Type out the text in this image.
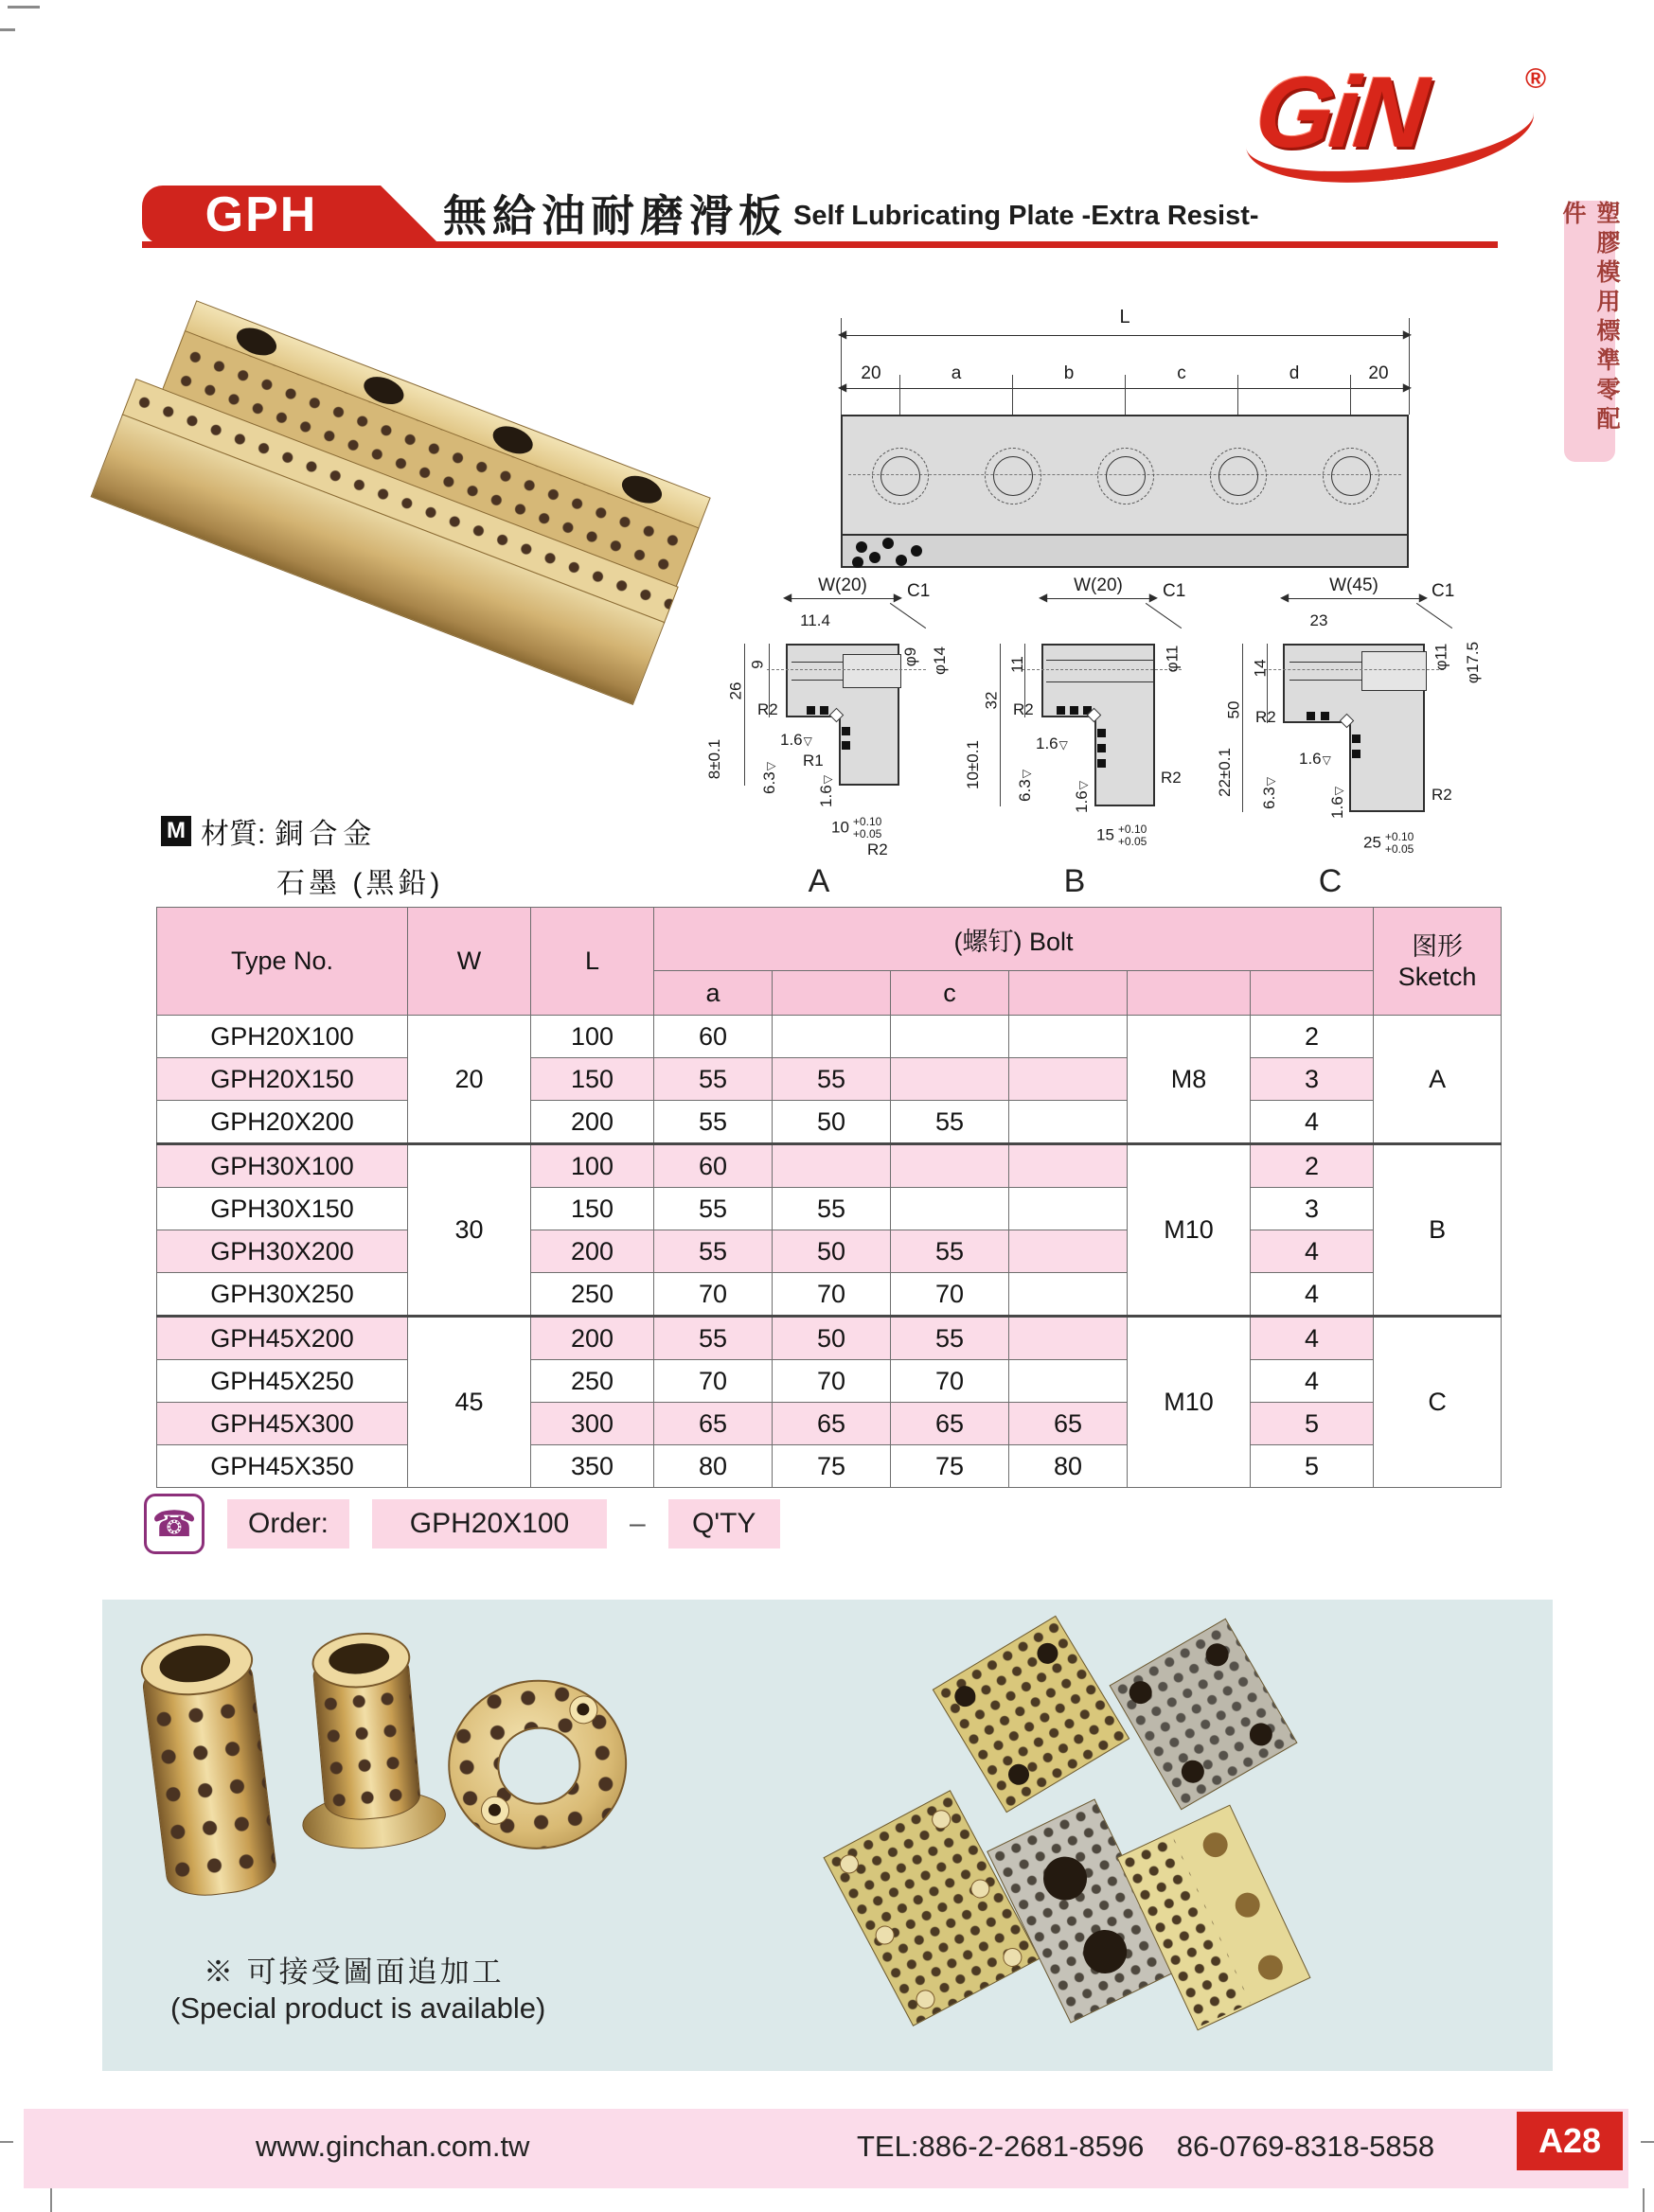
GiN	®
GPH	無給油耐磨滑板 Self Lubricating Plate -Extra Resist-	塑膠模用標準零配件
L
◀ ▶
◀ ▶
20	a	b	c	d	20
W(20)
◀ ▶
11.4
C1
9
26
8±0.1
φ9 φ14
R2
1.6 ▽
R1
6.3 ▽
1.6 ▽
10 +0.10
+0.05
R2
A
W(20) ◀ ▶	C1
11
32
10±0.1
φ11
R2
1.6 ▽
6.3 ▽
1.6 ▽
R2
15 +0.10
+0.05
B
W(45)
◀ ▶
23
C1
14
50
22±0.1
φ11 φ17.5
R2
1.6 ▽
6.3 ▽	1.6 ▽
R2
25 +0.10
+0.05
C
M 材質: 銅合金
石墨 (黑鉛)
Type No.	W	L	(螺钉) Bolt						图形
Sketch

			a		c				
GPH20X100	20	100	60				M8	2	A
GPH20X150		150	55	55				3	
GPH20X200		200	55	50	55			4	
GPH30X100	30	100	60				M10	2	B
GPH30X150		150	55	55				3	
GPH30X200		200	55	50	55			4	
GPH30X250		250	70	70	70			4	
GPH45X200	45	200	55	50	55		M10	4	C
GPH45X250		250	70	70	70			4	
GPH45X300		300	65	65	65	65		5	
GPH45X350		350	80	75	75	80		5	
☎	Order:	GPH20X100	–	Q'TY
※ 可接受圖面追加工
(Special product is available)
www.ginchan.com.tw	TEL:886-2-2681-8596 86-0769-8318-5858	A28
